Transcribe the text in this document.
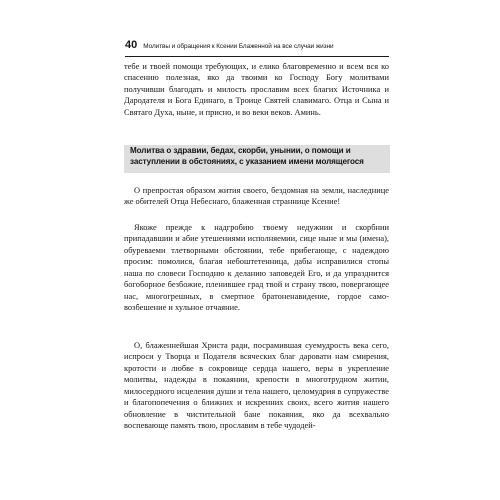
40 Молитвы и обращения к Ксении Блаженной на все случаи жизни

тебе и твоей помощи требующих, и елико благовременно и всем вся ко спасению полезная, яко да твоими ко Господу Богу молитвами получивши благодать и милость прославим всех благих Источника и Дародателя и Бога Единаго, в Троице Святей славимаго. Отца и Сына и Святаго Духа, ныне, и присно, и во веки веков. Аминь.

Молитва о здравии, бедах, скорби, унынии, о помощи и заступлении в обстояниях, с указанием имени молящегося

О препростая образом жития своего, бездомная на земли, наследнице же обителей Отца Небеснаго, блаженная страннице Ксение!

Якоже прежде к надгробию твоему недужнии и скорбнии припадавшии и абие утешениями исполняемии, сице ныне и мы (имена), обуреваеми тлетворными обстоянии, тебе прибегающе, с надеждою просим: помолися, благая небоштетенница, дабы исправилися стопы наша по словеси Господню к деланию заповедей Его, и да упразднится богоборное безбожие, пленившее град твой и страну твою, повергающее нас, многогрешных, в смертное братоненавидение, гордое само-возбешение и хульное отчаяние.

О, блаженнейшая Христа ради, посрамившая суемудрость века сего, испроси у Творца и Подателя всяческих благ даровати нам смирения, кротости и любве в сокровище сердца нашего, веры в укрепление молитвы, надежды в покаянии, крепости в многотрудном житии, милосердного исцеления души и тела нашего, целомудрия в супружестве и благопопечения о ближних и искренних своих, всего жития нашего обновление в чистительной бане покаяния, яко да всехвально воспевающе память твою, прославим в тебе чудодей-
